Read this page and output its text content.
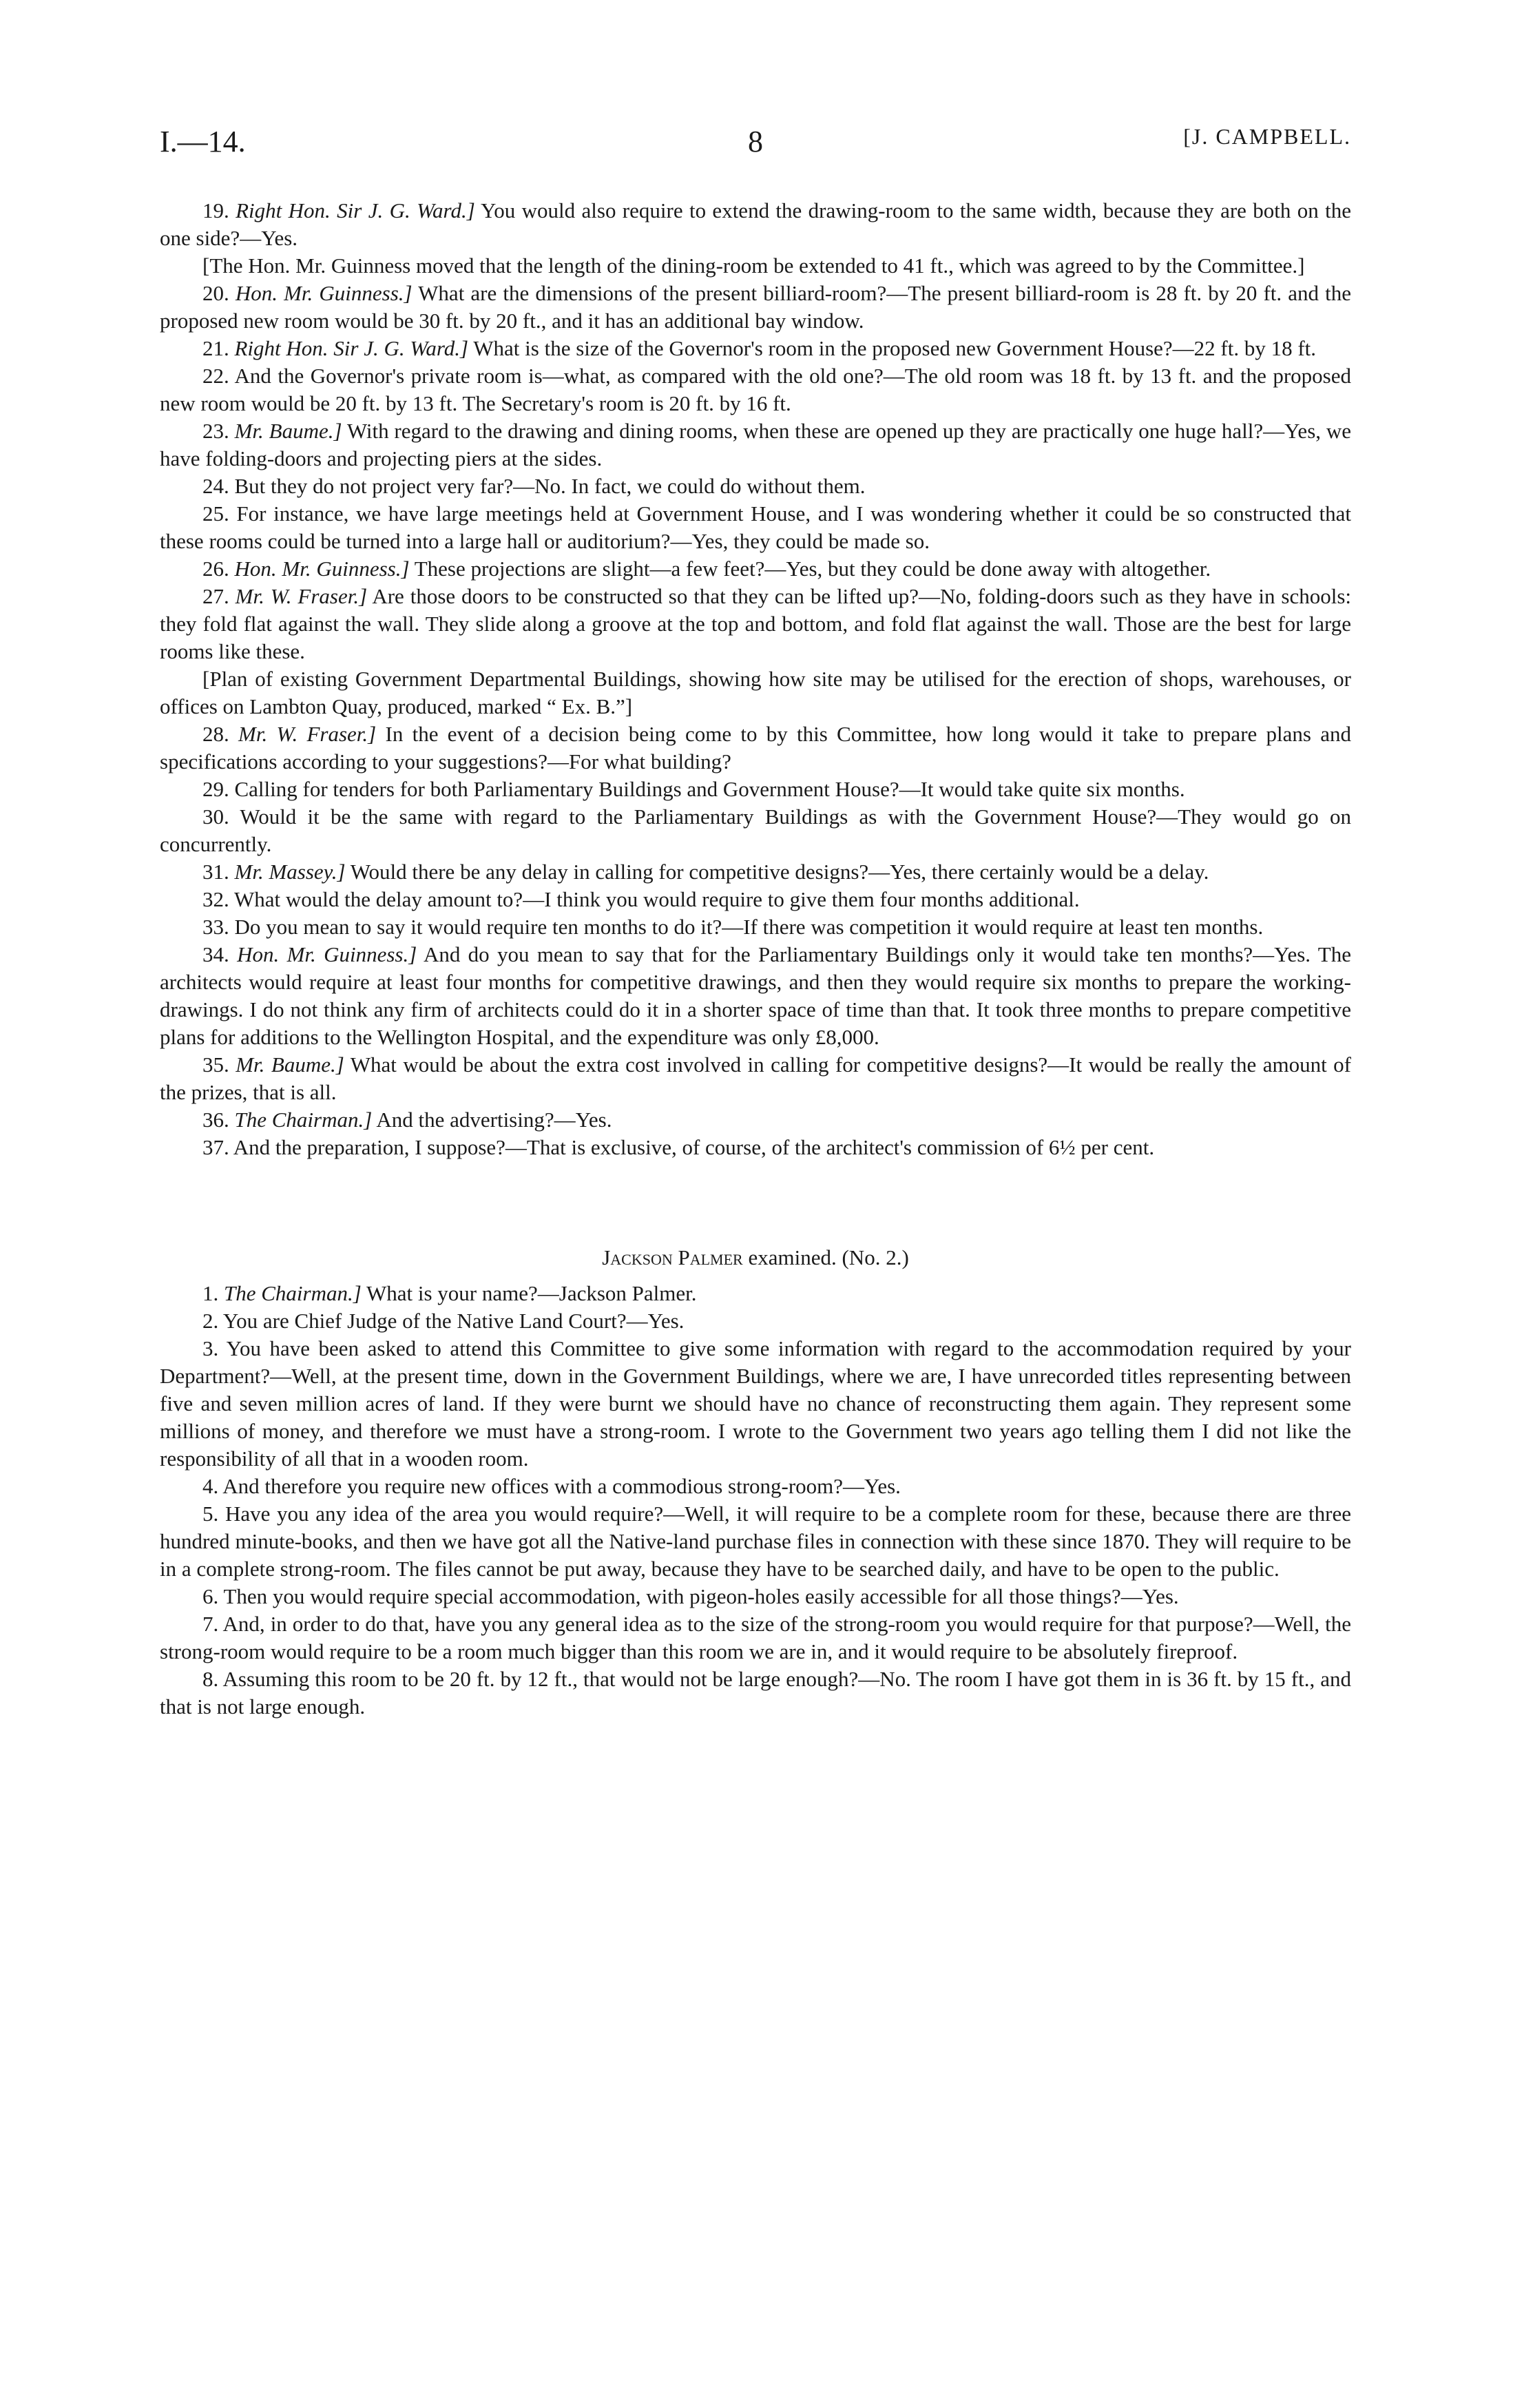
I.—14.	8	[J. CAMPBELL.

19. Right Hon. Sir J. G. Ward.] You would also require to extend the drawing-room to the same width, because they are both on the one side?—Yes.

[The Hon. Mr. Guinness moved that the length of the dining-room be extended to 41 ft., which was agreed to by the Committee.]

20. Hon. Mr. Guinness.] What are the dimensions of the present billiard-room?—The present billiard-room is 28 ft. by 20 ft. and the proposed new room would be 30 ft. by 20 ft., and it has an additional bay window.

21. Right Hon. Sir J. G. Ward.] What is the size of the Governor's room in the proposed new Government House?—22 ft. by 18 ft.

22. And the Governor's private room is—what, as compared with the old one?—The old room was 18 ft. by 13 ft. and the proposed new room would be 20 ft. by 13 ft. The Secretary's room is 20 ft. by 16 ft.

23. Mr. Baume.] With regard to the drawing and dining rooms, when these are opened up they are practically one huge hall?—Yes, we have folding-doors and projecting piers at the sides.

24. But they do not project very far?—No. In fact, we could do without them.

25. For instance, we have large meetings held at Government House, and I was wondering whether it could be so constructed that these rooms could be turned into a large hall or auditorium?—Yes, they could be made so.

26. Hon. Mr. Guinness.] These projections are slight—a few feet?—Yes, but they could be done away with altogether.

27. Mr. W. Fraser.] Are those doors to be constructed so that they can be lifted up?—No, folding-doors such as they have in schools: they fold flat against the wall. They slide along a groove at the top and bottom, and fold flat against the wall. Those are the best for large rooms like these.

[Plan of existing Government Departmental Buildings, showing how site may be utilised for the erection of shops, warehouses, or offices on Lambton Quay, produced, marked “ Ex. B.”]

28. Mr. W. Fraser.] In the event of a decision being come to by this Committee, how long would it take to prepare plans and specifications according to your suggestions?—For what building?

29. Calling for tenders for both Parliamentary Buildings and Government House?—It would take quite six months.

30. Would it be the same with regard to the Parliamentary Buildings as with the Government House?—They would go on concurrently.

31. Mr. Massey.] Would there be any delay in calling for competitive designs?—Yes, there certainly would be a delay.

32. What would the delay amount to?—I think you would require to give them four months additional.

33. Do you mean to say it would require ten months to do it?—If there was competition it would require at least ten months.

34. Hon. Mr. Guinness.] And do you mean to say that for the Parliamentary Buildings only it would take ten months?—Yes. The architects would require at least four months for competitive drawings, and then they would require six months to prepare the working-drawings. I do not think any firm of architects could do it in a shorter space of time than that. It took three months to prepare competitive plans for additions to the Wellington Hospital, and the expenditure was only £8,000.

35. Mr. Baume.] What would be about the extra cost involved in calling for competitive designs?—It would be really the amount of the prizes, that is all.

36. The Chairman.] And the advertising?—Yes.

37. And the preparation, I suppose?—That is exclusive, of course, of the architect's commission of 6½ per cent.

Jackson Palmer examined. (No. 2.)

1. The Chairman.] What is your name?—Jackson Palmer.

2. You are Chief Judge of the Native Land Court?—Yes.

3. You have been asked to attend this Committee to give some information with regard to the accommodation required by your Department?—Well, at the present time, down in the Government Buildings, where we are, I have unrecorded titles representing between five and seven million acres of land. If they were burnt we should have no chance of reconstructing them again. They represent some millions of money, and therefore we must have a strong-room. I wrote to the Government two years ago telling them I did not like the responsibility of all that in a wooden room.

4. And therefore you require new offices with a commodious strong-room?—Yes.

5. Have you any idea of the area you would require?—Well, it will require to be a complete room for these, because there are three hundred minute-books, and then we have got all the Native-land purchase files in connection with these since 1870. They will require to be in a complete strong-room. The files cannot be put away, because they have to be searched daily, and have to be open to the public.

6. Then you would require special accommodation, with pigeon-holes easily accessible for all those things?—Yes.

7. And, in order to do that, have you any general idea as to the size of the strong-room you would require for that purpose?—Well, the strong-room would require to be a room much bigger than this room we are in, and it would require to be absolutely fireproof.

8. Assuming this room to be 20 ft. by 12 ft., that would not be large enough?—No. The room I have got them in is 36 ft. by 15 ft., and that is not large enough.
